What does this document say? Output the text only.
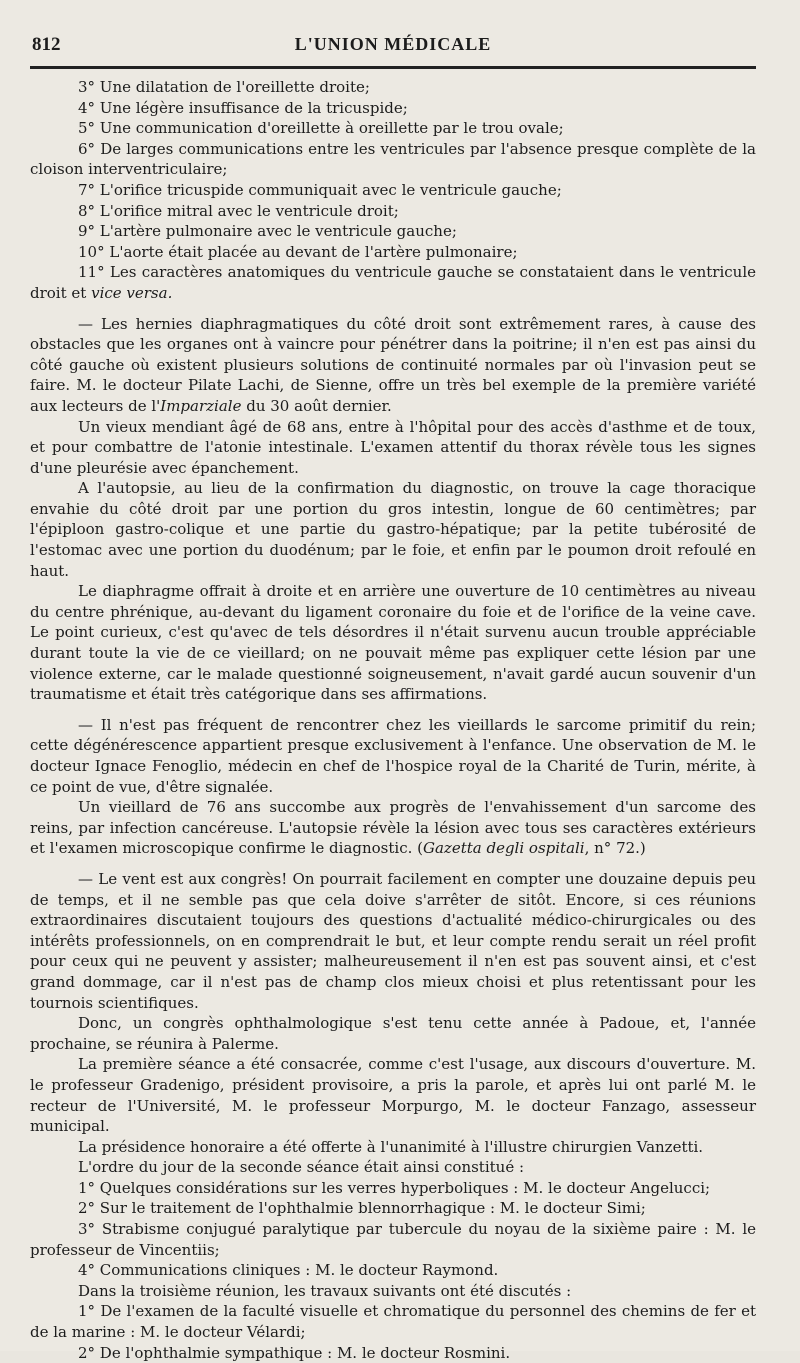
812	L'UNION MÉDICALE

3° Une dilatation de l'oreillette droite;

4° Une légère insuffisance de la tricuspide;

5° Une communication d'oreillette à oreillette par le trou ovale;

6° De larges communications entre les ventricules par l'absence presque complète de la cloison interventriculaire;

7° L'orifice tricuspide communiquait avec le ventricule gauche;

8° L'orifice mitral avec le ventricule droit;

9° L'artère pulmonaire avec le ventricule gauche;

10° L'aorte était placée au devant de l'artère pulmonaire;

11° Les caractères anatomiques du ventricule gauche se constataient dans le ventricule droit et vice versa.

— Les hernies diaphragmatiques du côté droit sont extrêmement rares, à cause des obstacles que les organes ont à vaincre pour pénétrer dans la poitrine; il n'en est pas ainsi du côté gauche où existent plusieurs solutions de continuité normales par où l'invasion peut se faire. M. le docteur Pilate Lachi, de Sienne, offre un très bel exemple de la première variété aux lecteurs de l'Imparziale du 30 août dernier.

Un vieux mendiant âgé de 68 ans, entre à l'hôpital pour des accès d'asthme et de toux, et pour combattre de l'atonie intestinale. L'examen attentif du thorax révèle tous les signes d'une pleurésie avec épanchement.

A l'autopsie, au lieu de la confirmation du diagnostic, on trouve la cage thoracique envahie du côté droit par une portion du gros intestin, longue de 60 centimètres; par l'épiploon gastro-colique et une partie du gastro-hépatique; par la petite tubérosité de l'estomac avec une portion du duodénum; par le foie, et enfin par le poumon droit refoulé en haut.

Le diaphragme offrait à droite et en arrière une ouverture de 10 centimètres au niveau du centre phrénique, au-devant du ligament coronaire du foie et de l'orifice de la veine cave. Le point curieux, c'est qu'avec de tels désordres il n'était survenu aucun trouble appréciable durant toute la vie de ce vieillard; on ne pouvait même pas expliquer cette lésion par une violence externe, car le malade questionné soigneusement, n'avait gardé aucun souvenir d'un traumatisme et était très catégorique dans ses affirmations.

— Il n'est pas fréquent de rencontrer chez les vieillards le sarcome primitif du rein; cette dégénérescence appartient presque exclusivement à l'enfance. Une observation de M. le docteur Ignace Fenoglio, médecin en chef de l'hospice royal de la Charité de Turin, mérite, à ce point de vue, d'être signalée.

Un vieillard de 76 ans succombe aux progrès de l'envahissement d'un sarcome des reins, par infection cancéreuse. L'autopsie révèle la lésion avec tous ses caractères extérieurs et l'examen microscopique confirme le diagnostic. (Gazetta degli ospitali, n° 72.)

— Le vent est aux congrès! On pourrait facilement en compter une douzaine depuis peu de temps, et il ne semble pas que cela doive s'arrêter de sitôt. Encore, si ces réunions extraordinaires discutaient toujours des questions d'actualité médico-chirurgicales ou des intérêts professionnels, on en comprendrait le but, et leur compte rendu serait un réel profit pour ceux qui ne peuvent y assister; malheureusement il n'en est pas souvent ainsi, et c'est grand dommage, car il n'est pas de champ clos mieux choisi et plus retentissant pour les tournois scientifiques.

Donc, un congrès ophthalmologique s'est tenu cette année à Padoue, et, l'année prochaine, se réunira à Palerme.

La première séance a été consacrée, comme c'est l'usage, aux discours d'ouverture. M. le professeur Gradenigo, président provisoire, a pris la parole, et après lui ont parlé M. le recteur de l'Université, M. le professeur Morpurgo, M. le docteur Fanzago, assesseur municipal.

La présidence honoraire a été offerte à l'unanimité à l'illustre chirurgien Vanzetti.

L'ordre du jour de la seconde séance était ainsi constitué :

1° Quelques considérations sur les verres hyperboliques : M. le docteur Angelucci;

2° Sur le traitement de l'ophthalmie blennorrhagique : M. le docteur Simi;

3° Strabisme conjugué paralytique par tubercule du noyau de la sixième paire : M. le professeur de Vincentiis;

4° Communications cliniques : M. le docteur Raymond.

Dans la troisième réunion, les travaux suivants ont été discutés :

1° De l'examen de la faculté visuelle et chromatique du personnel des chemins de fer et de la marine : M. le docteur Vélardi;

2° De l'ophthalmie sympathique : M. le docteur Rosmini.
